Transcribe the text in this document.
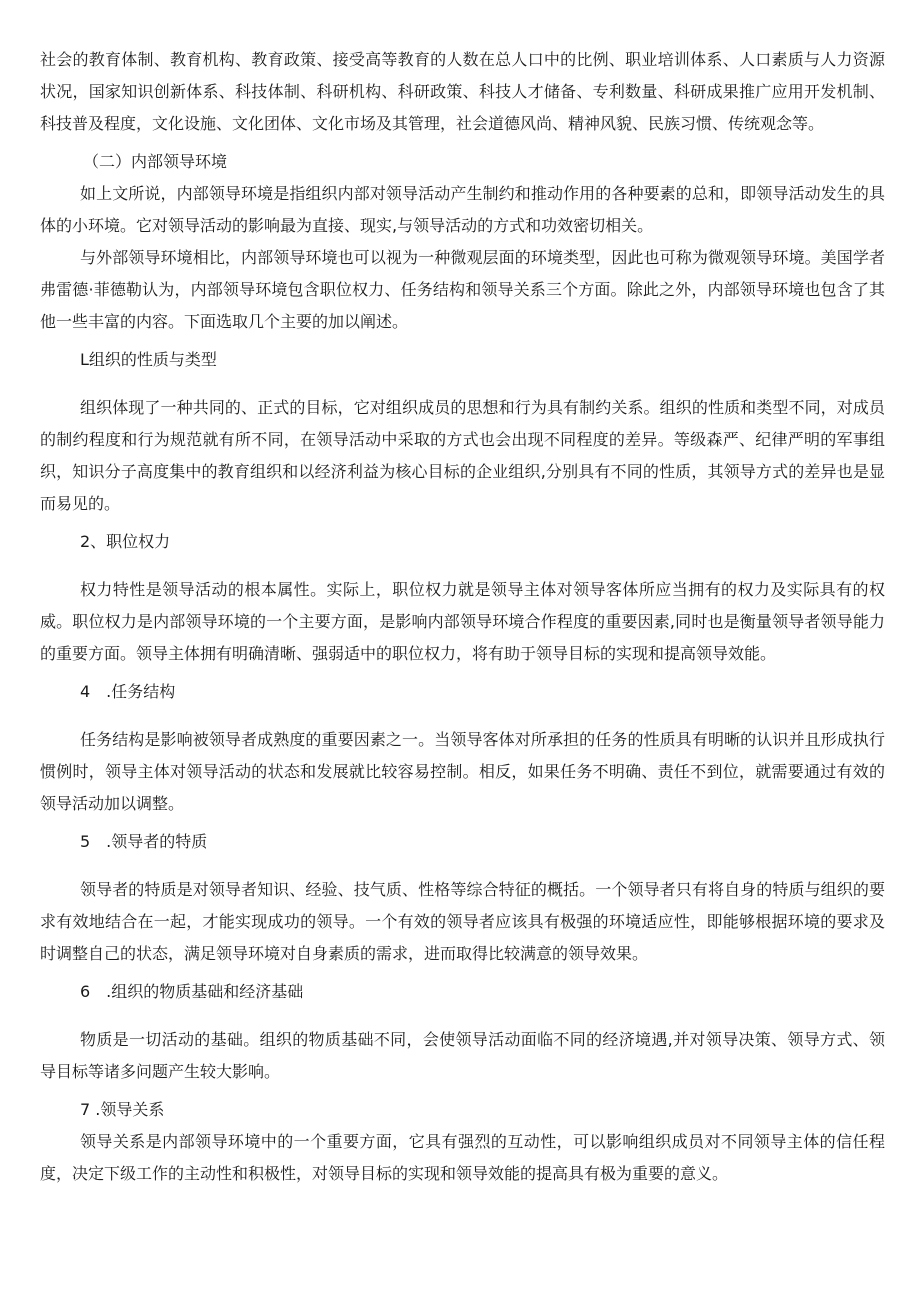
社会的教育体制、教育机构、教育政策、接受高等教育的人数在总人口中的比例、职业培训体系、人口素质与人力资源状况，国家知识创新体系、科技体制、科研机构、科研政策、科技人才储备、专利数量、科研成果推广应用开发机制、科技普及程度，文化设施、文化团体、文化市场及其管理，社会道德风尚、精神风貌、民族习惯、传统观念等。

（二）内部领导环境

如上文所说，内部领导环境是指组织内部对领导活动产生制约和推动作用的各种要素的总和，即领导活动发生的具体的小环境。它对领导活动的影响最为直接、现实,与领导活动的方式和功效密切相关。

与外部领导环境相比，内部领导环境也可以视为一种微观层面的环境类型，因此也可称为微观领导环境。美国学者弗雷德·菲德勒认为，内部领导环境包含职位权力、任务结构和领导关系三个方面。除此之外，内部领导环境也包含了其他一些丰富的内容。下面选取几个主要的加以阐述。

L组织的性质与类型

组织体现了一种共同的、正式的目标，它对组织成员的思想和行为具有制约关系。组织的性质和类型不同，对成员的制约程度和行为规范就有所不同，在领导活动中采取的方式也会出现不同程度的差异。等级森严、纪律严明的军事组织，知识分子高度集中的教育组织和以经济利益为核心目标的企业组织,分别具有不同的性质，其领导方式的差异也是显而易见的。

2、职位权力

权力特性是领导活动的根本属性。实际上，职位权力就是领导主体对领导客体所应当拥有的权力及实际具有的权威。职位权力是内部领导环境的一个主要方面，是影响内部领导环境合作程度的重要因素,同时也是衡量领导者领导能力的重要方面。领导主体拥有明确清晰、强弱适中的职位权力，将有助于领导目标的实现和提高领导效能。

4　.任务结构

任务结构是影响被领导者成熟度的重要因素之一。当领导客体对所承担的任务的性质具有明晰的认识并且形成执行惯例时，领导主体对领导活动的状态和发展就比较容易控制。相反，如果任务不明确、责任不到位，就需要通过有效的领导活动加以调整。

5　.领导者的特质

领导者的特质是对领导者知识、经验、技气质、性格等综合特征的概括。一个领导者只有将自身的特质与组织的要求有效地结合在一起，才能实现成功的领导。一个有效的领导者应该具有极强的环境适应性，即能够根据环境的要求及时调整自己的状态，满足领导环境对自身素质的需求，进而取得比较满意的领导效果。

6　.组织的物质基础和经济基础

物质是一切活动的基础。组织的物质基础不同，会使领导活动面临不同的经济境遇,并对领导决策、领导方式、领导目标等诸多问题产生较大影响。

7 .领导关系

领导关系是内部领导环境中的一个重要方面，它具有强烈的互动性，可以影响组织成员对不同领导主体的信任程度，决定下级工作的主动性和积极性，对领导目标的实现和领导效能的提高具有极为重要的意义。
